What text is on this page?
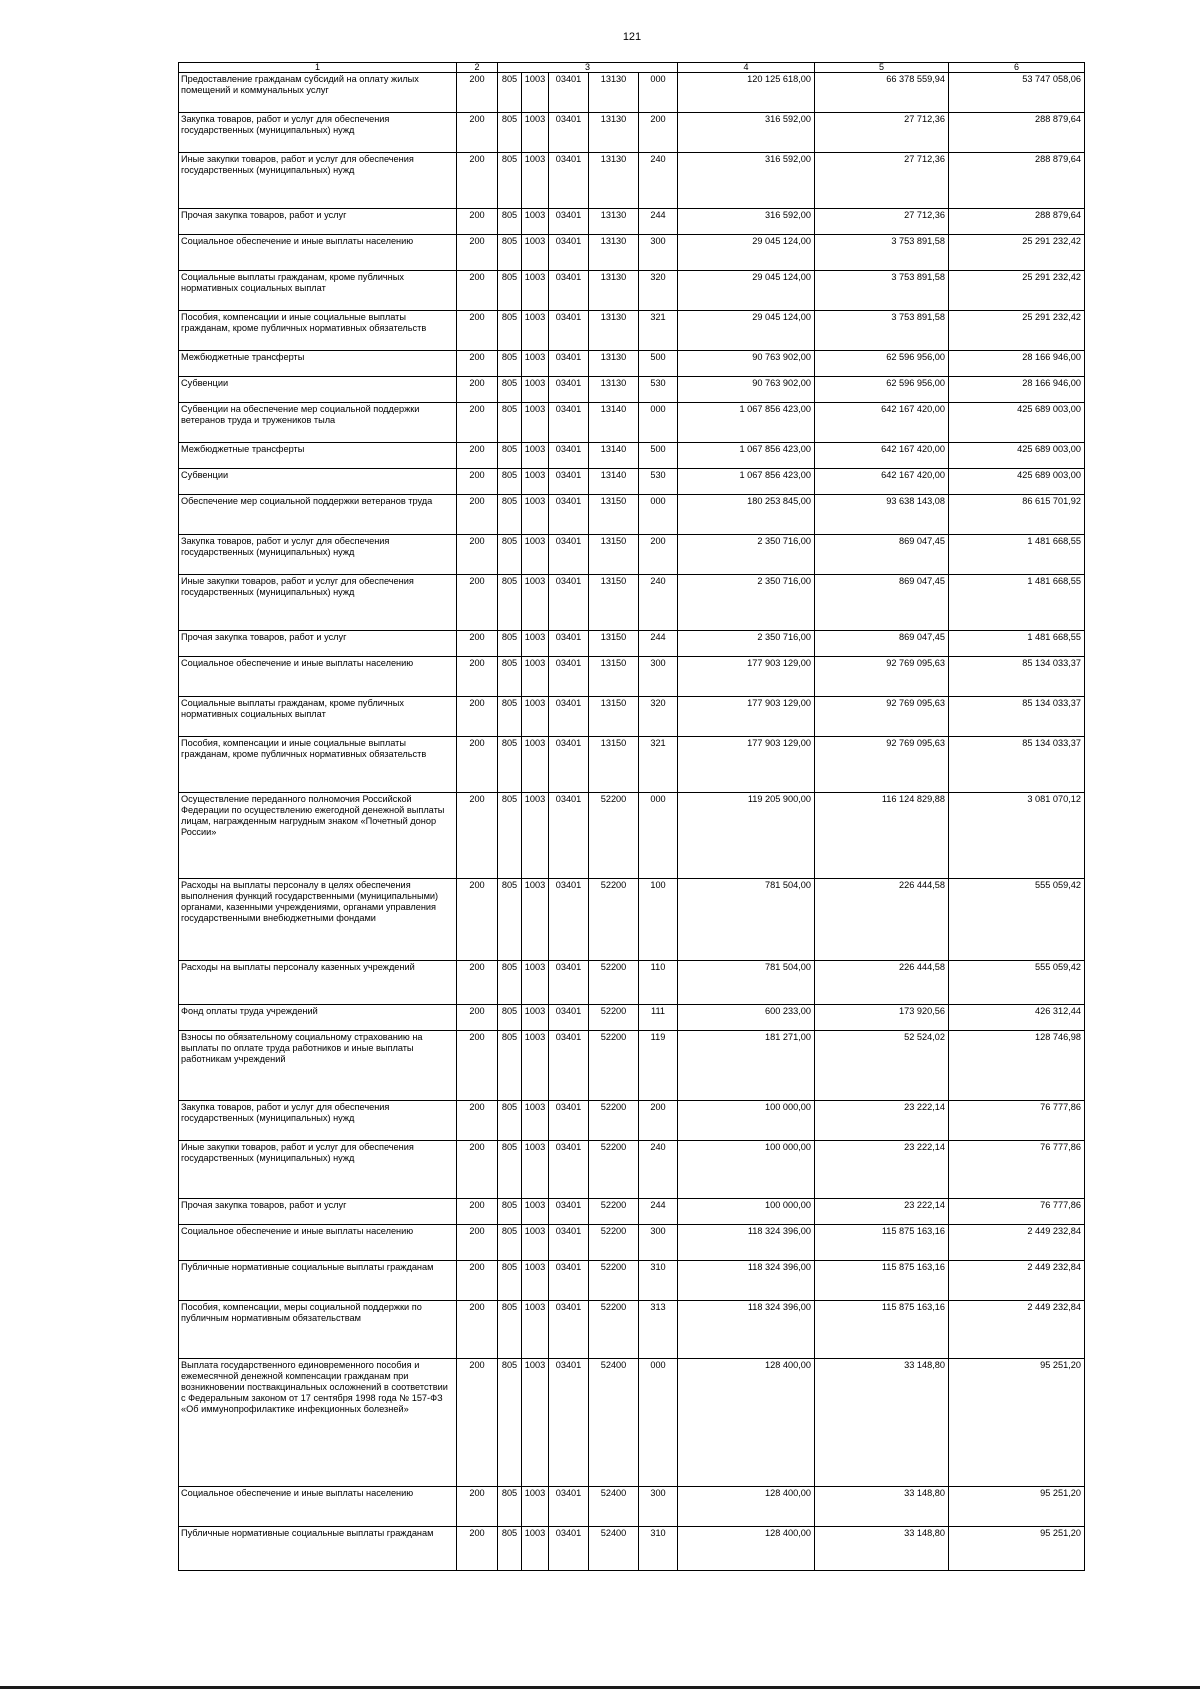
121
1	2	3					4	5	6
Предоставление гражданам субсидий на оплату жилых помещений и коммунальных услуг	200	805	1003	03401	13130	000	120 125 618,00	66 378 559,94	53 747 058,06
Закупка товаров, работ и услуг для обеспечения государственных (муниципальных) нужд	200	805	1003	03401	13130	200	316 592,00	27 712,36	288 879,64
Иные закупки товаров, работ и услуг для обеспечения государственных (муниципальных) нужд	200	805	1003	03401	13130	240	316 592,00	27 712,36	288 879,64
Прочая закупка товаров, работ и услуг	200	805	1003	03401	13130	244	316 592,00	27 712,36	288 879,64
Социальное обеспечение и иные выплаты населению	200	805	1003	03401	13130	300	29 045 124,00	3 753 891,58	25 291 232,42
Социальные выплаты гражданам, кроме публичных нормативных социальных выплат	200	805	1003	03401	13130	320	29 045 124,00	3 753 891,58	25 291 232,42
Пособия, компенсации и иные социальные выплаты гражданам, кроме публичных нормативных обязательств	200	805	1003	03401	13130	321	29 045 124,00	3 753 891,58	25 291 232,42
Межбюджетные трансферты	200	805	1003	03401	13130	500	90 763 902,00	62 596 956,00	28 166 946,00
Субвенции	200	805	1003	03401	13130	530	90 763 902,00	62 596 956,00	28 166 946,00
Субвенции на обеспечение мер социальной поддержки ветеранов труда и тружеников тыла	200	805	1003	03401	13140	000	1 067 856 423,00	642 167 420,00	425 689 003,00
Межбюджетные трансферты	200	805	1003	03401	13140	500	1 067 856 423,00	642 167 420,00	425 689 003,00
Субвенции	200	805	1003	03401	13140	530	1 067 856 423,00	642 167 420,00	425 689 003,00
Обеспечение мер социальной поддержки ветеранов труда	200	805	1003	03401	13150	000	180 253 845,00	93 638 143,08	86 615 701,92
Закупка товаров, работ и услуг для обеспечения государственных (муниципальных) нужд	200	805	1003	03401	13150	200	2 350 716,00	869 047,45	1 481 668,55
Иные закупки товаров, работ и услуг для обеспечения государственных (муниципальных) нужд	200	805	1003	03401	13150	240	2 350 716,00	869 047,45	1 481 668,55
Прочая закупка товаров, работ и услуг	200	805	1003	03401	13150	244	2 350 716,00	869 047,45	1 481 668,55
Социальное обеспечение и иные выплаты населению	200	805	1003	03401	13150	300	177 903 129,00	92 769 095,63	85 134 033,37
Социальные выплаты гражданам, кроме публичных нормативных социальных выплат	200	805	1003	03401	13150	320	177 903 129,00	92 769 095,63	85 134 033,37
Пособия, компенсации и иные социальные выплаты гражданам, кроме публичных нормативных обязательств	200	805	1003	03401	13150	321	177 903 129,00	92 769 095,63	85 134 033,37
Осуществление переданного полномочия Российской Федерации по осуществлению ежегодной денежной выплаты лицам, награжденным нагрудным знаком «Почетный донор России»	200	805	1003	03401	52200	000	119 205 900,00	116 124 829,88	3 081 070,12
Расходы на выплаты персоналу в целях обеспечения выполнения функций государственными (муниципальными) органами, казенными учреждениями, органами управления государственными внебюджетными фондами	200	805	1003	03401	52200	100	781 504,00	226 444,58	555 059,42
Расходы на выплаты персоналу казенных учреждений	200	805	1003	03401	52200	110	781 504,00	226 444,58	555 059,42
Фонд оплаты труда учреждений	200	805	1003	03401	52200	111	600 233,00	173 920,56	426 312,44
Взносы по обязательному социальному страхованию на выплаты по оплате труда работников и иные выплаты работникам учреждений	200	805	1003	03401	52200	119	181 271,00	52 524,02	128 746,98
Закупка товаров, работ и услуг для обеспечения государственных (муниципальных) нужд	200	805	1003	03401	52200	200	100 000,00	23 222,14	76 777,86
Иные закупки товаров, работ и услуг для обеспечения государственных (муниципальных) нужд	200	805	1003	03401	52200	240	100 000,00	23 222,14	76 777,86
Прочая закупка товаров, работ и услуг	200	805	1003	03401	52200	244	100 000,00	23 222,14	76 777,86
Социальное обеспечение и иные выплаты населению	200	805	1003	03401	52200	300	118 324 396,00	115 875 163,16	2 449 232,84
Публичные нормативные социальные выплаты гражданам	200	805	1003	03401	52200	310	118 324 396,00	115 875 163,16	2 449 232,84
Пособия, компенсации, меры социальной поддержки по публичным нормативным обязательствам	200	805	1003	03401	52200	313	118 324 396,00	115 875 163,16	2 449 232,84
Выплата государственного единовременного пособия и ежемесячной денежной компенсации гражданам при возникновении поствакцинальных осложнений в соответствии с Федеральным законом от 17 сентября 1998 года № 157-ФЗ «Об иммунопрофилактике инфекционных болезней»	200	805	1003	03401	52400	000	128 400,00	33 148,80	95 251,20
Социальное обеспечение и иные выплаты населению	200	805	1003	03401	52400	300	128 400,00	33 148,80	95 251,20
Публичные нормативные социальные выплаты гражданам	200	805	1003	03401	52400	310	128 400,00	33 148,80	95 251,20
